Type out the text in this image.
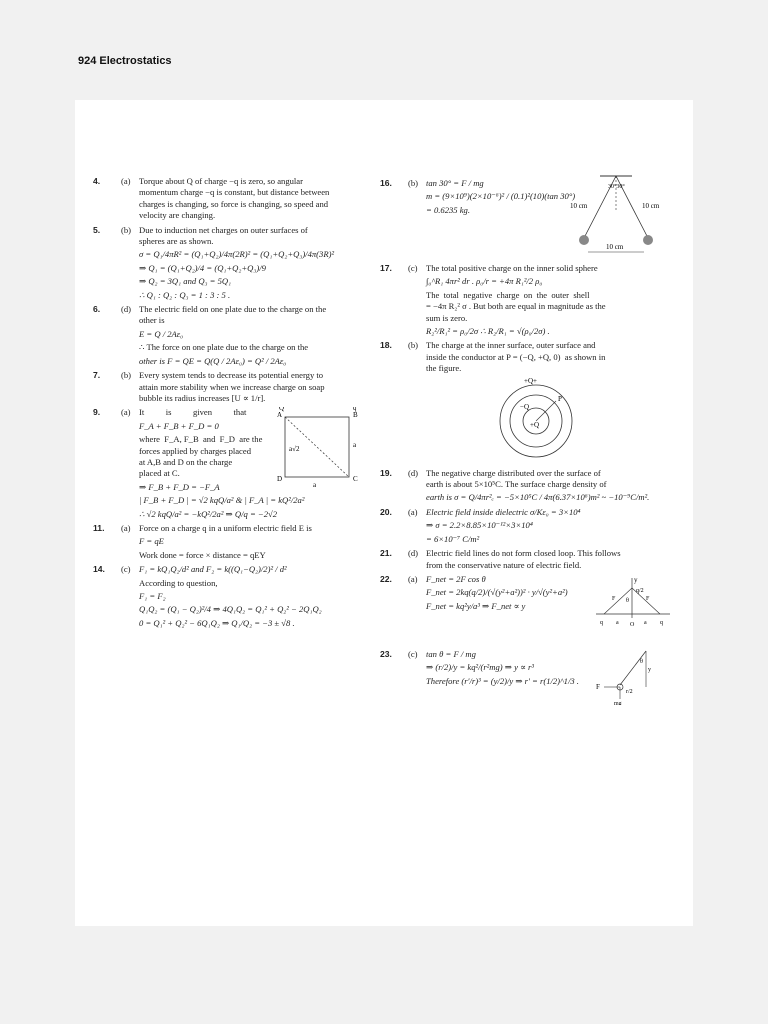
924 Electrostatics
4. (a) Torque about Q of charge −q is zero, so angular
momentum charge −q is constant, but distance between
charges is changing, so force is changing, so speed and
velocity are changing.
5. (b) Due to induction net charges on outer surfaces of
spheres are as shown.
σ = Q₁/4πR² = (Q₁+Q₂)/4π(2R)² = (Q₁+Q₂+Q₃)/4π(3R)²
⇒ Q₁ = (Q₁+Q₂)/4 = (Q₁+Q₂+Q₃)/9
⇒ Q₂ = 3Q₁ and Q₃ = 5Q₁
∴ Q₁ : Q₂ : Q₃ = 1 : 3 : 5 .
6. (d) The electric field on one plate due to the charge on the
other is
E = Q / 2Aε₀
∴ The force on one plate due to the charge on the
other is F = QE = Q(Q / 2Aε₀) = Q² / 2Aε₀
7. (b) Every system tends to decrease its potential energy to
attain more stability when we increase charge on soap
bubble its radius increases [U ∝ 1/r].
9. (a)	A	B
C
D
Q	q
a
a
a√2
It          is          given          that
F_A + F_B + F_D = 0
where  F_A, F_B  and  F_D  are the
forces applied by charges placed
at A,B and D on the charge
placed at C.
⇒ F_B + F_D = −F_A
| F_B + F_D | = √2 kqQ/a² & | F_A | = kQ²/2a²
∴ √2 kqQ/a² = −kQ²/2a² ⇒ Q/q = −2√2
11. (a) Force on a charge q in a uniform electric field E is
F = qE
Work done = force × distance = qEY
14. (c) F₁ = kQ₁Q₂/d² and F₂ = k((Q₁−Q₂)/2)² / d²
According to question,
F₁ = F₂
Q₁Q₂ = (Q₁ − Q₂)²/4 ⇒ 4Q₁Q₂ = Q₁² + Q₂² − 2Q₁Q₂
0 = Q₁² + Q₂² − 6Q₁Q₂ ⇒ Q₁/Q₂ = −3 ± √8 .
16. (b)	30°30°
10 cm	10 cm
10 cm
tan 30° = F / mg
m = (9×10⁹)(2×10⁻⁶)² / (0.1)²(10)(tan 30°)
= 0.6235 kg.
17. (c) The total positive charge on the inner solid sphere
∫₀^R₁ 4πr² dr . ρ₀/r = +4π R₁²/2 ρ₀
The  total  negative  charge  on  the  outer  shell
= −4π R₂² σ . But both are equal in magnitude as the
sum is zero.
R₂²/R₁² = ρ₀/2σ ∴ R₂/R₁ = √(ρ₀/2σ) .
18. (b) The charge at the inner surface, outer surface and
inside the conductor at P = (−Q, +Q, 0)  as shown in
the figure.
+Q+
−Q
+Q
P
19. (d) The negative charge distributed over the surface of
earth is about 5×10⁵C. The surface charge density of
earth is σ = Q/4πr²ₑ = −5×10⁵C / 4π(6.37×10⁶)m² ~ −10⁻⁹C/m².
20. (a) Electric field inside dielectric σ/Kε₀ = 3×10⁴
⇒ σ = 2.2×8.85×10⁻¹²×3×10⁴
= 6×10⁻⁷ C/m²
21. (d) Electric field lines do not form closed loop. This follows
from the conservative nature of electric field.
22. (a)	y
q/2
F	F
θ
q	q
a	a
O
F_net = 2F cos θ
F_net = 2kq(q/2)/(√(y²+a²))² · y/√(y²+a²)
F_net = kq²y/a³ ⇒ F_net ∝ y
23. (c)
F
r/2
y
mg
θ
tan θ = F / mg
⇒ (r/2)/y = kq²/(r²mg) ⇒ y ∝ r³
Therefore (r′/r)³ = (y/2)/y ⇒ r′ = r(1/2)^1/3 .
